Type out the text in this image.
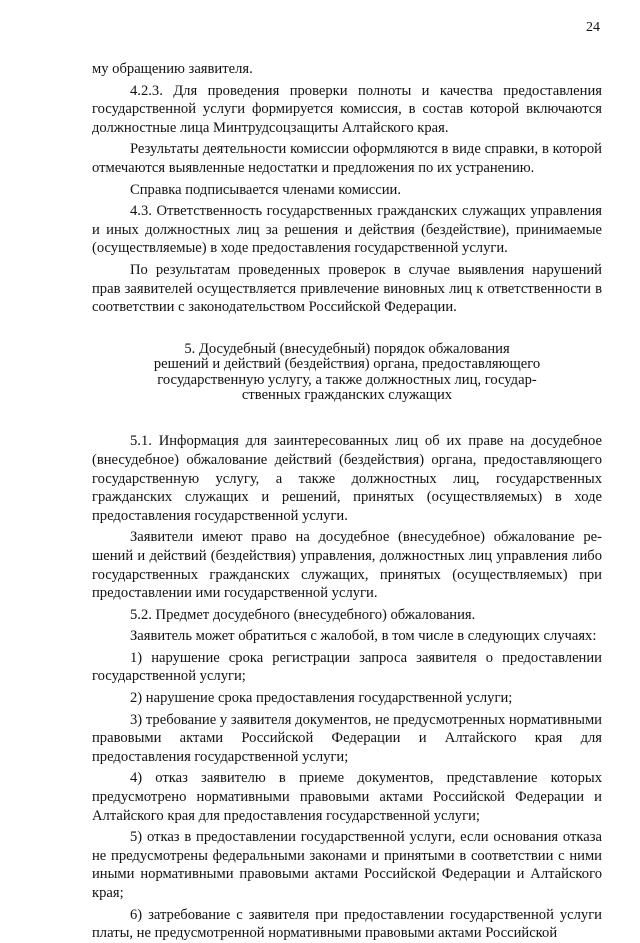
24

му обращению заявителя.

4.2.3. Для проведения проверки полноты и качества предоставления государственной услуги формируется комиссия, в состав которой включаются должностные лица Минтрудсоцзащиты Алтайского края.

Результаты деятельности комиссии оформляются в виде справки, в которой отмечаются выявленные недостатки и предложения по их устранению.

Справка подписывается членами комиссии.

4.3. Ответственность государственных гражданских служащих управления и иных должностных лиц за решения и действия (бездействие), принимаемые (осуществляемые) в ходе предоставления государственной услуги.

По результатам проведенных проверок в случае выявления нарушений прав заявителей осуществляется привлечение виновных лиц к ответственности в соответствии с законодательством Российской Федерации.

5. Досудебный (внесудебный) порядок обжалования
решений и действий (бездействия) органа, предоставляющего
государственную услугу, а также должностных лиц, государ-
ственных гражданских служащих

5.1. Информация для заинтересованных лиц об их праве на досудебное (внесудебное) обжалование действий (бездействия) органа, предоставляющего государственную услугу, а также должностных лиц, государственных гражданских служащих и решений, принятых (осуществляемых) в ходе предоставления государственной услуги.

Заявители имеют право на досудебное (внесудебное) обжалование решений и действий (бездействия) управления, должностных лиц управления либо государственных гражданских служащих, принятых (осуществляемых) при предоставлении ими государственной услуги.

5.2. Предмет досудебного (внесудебного) обжалования.

Заявитель может обратиться с жалобой, в том числе в следующих случаях:

1) нарушение срока регистрации запроса заявителя о предоставлении государственной услуги;

2) нарушение срока предоставления государственной услуги;

3) требование у заявителя документов, не предусмотренных нормативными правовыми актами Российской Федерации и Алтайского края для предоставления государственной услуги;

4) отказ заявителю в приеме документов, представление которых предусмотрено нормативными правовыми актами Российской Федерации и Алтайского края для предоставления государственной услуги;

5) отказ в предоставлении государственной услуги, если основания отказа не предусмотрены федеральными законами и принятыми в соответствии с ними иными нормативными правовыми актами Российской Федерации и Алтайского края;

6) затребование с заявителя при предоставлении государственной услуги платы, не предусмотренной нормативными правовыми актами Российской
